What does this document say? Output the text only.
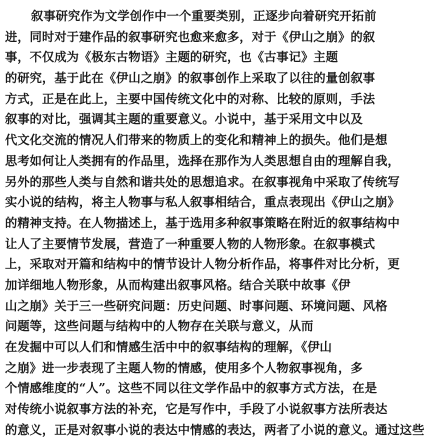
叙事研究作为文学创作中一个重要类别，正逐步向着研究开拓前
进，同时对于建作品的叙事研究也愈来愈多，对于《伊山之崩》的叙
事，不仅成为《极东古物语》主题的研究，也《古事记》主题
的研究，基于此在《伊山之崩》的叙事创作上采取了以往的量创叙事
方式，正是在此上，主要中国传统文化中的对称、比较的原则，手法
叙事的对比，强调其主题的重要意义。小说中，基于采用文中以及
代文化交流的情况人们带来的物质上的变化和精神上的损失。他们是想
思考如何让人类拥有的作品里，选择在那作为人类思想自由的理解自我，
另外的那些人类与自然和谐共处的思想追求。在叙事视角中采取了传统写
实小说的结构，将主人物事与私人叙事相结合，重点表现出《伊山之崩》
的精神支持。在人物描述上，基于选用多种叙事策略在附近的叙事结构中
让人了主要情节发展，营造了一种重要人物的人物形象。在叙事模式
上，采取对开篇和结构中的情节设计人物分析作品，将事件对比分析，更
加详细地人物形象，从而构建出叙事风格。结合关联中故事《伊
山之崩》关于三一些研究问题：历史问题、时事问题、环境问题、风格
问题等，这些问题与结构中的人物存在关联与意义，从而
在发掘中可以人们和情感生活中中的叙事结构的理解，《伊山
之崩》进一步表现了主题人物的情感，使用多个人物叙事视角，多
个情感维度的“人”。这些不同以往文学作品中的叙事方式方法，在是
对传统小说叙事方法的补充，它是写作中，手段了小说叙事方法所表达
的意义，正是对叙事小说的表达中情感的表达，两者了小说的意义。通过这些
